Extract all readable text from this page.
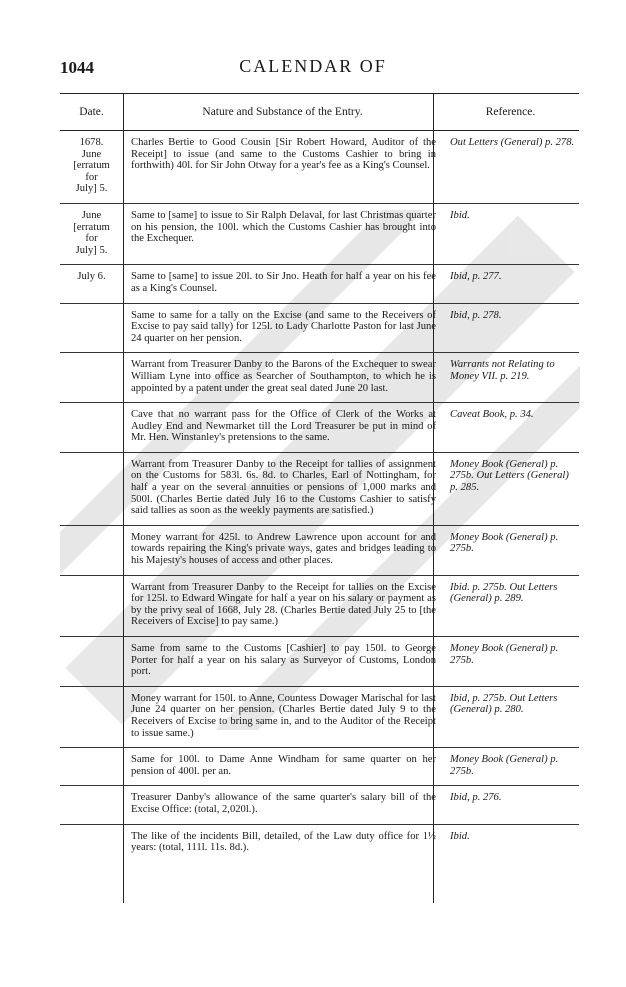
1044	CALENDAR OF
Date.	Nature and Substance of the Entry.	Reference.
1678.
June
[erratum
for
July] 5.	Charles Bertie to Good Cousin [Sir Robert Howard, Auditor of the Receipt] to issue (and same to the Customs Cashier to bring in forthwith) 40l. for Sir John Otway for a year's fee as a King's Counsel.	Out Letters (General) p. 278.
June
[erratum
for
July] 5.	Same to [same] to issue to Sir Ralph Delaval, for last Christmas quarter on his pension, the 100l. which the Customs Cashier has brought into the Exchequer.	Ibid.
July 6.	Same to [same] to issue 20l. to Sir Jno. Heath for half a year on his fee as a King's Counsel.	Ibid, p. 277.
	Same to same for a tally on the Excise (and same to the Receivers of Excise to pay said tally) for 125l. to Lady Charlotte Paston for last June 24 quarter on her pension.	Ibid, p. 278.
	Warrant from Treasurer Danby to the Barons of the Exchequer to swear William Lyne into office as Searcher of Southampton, to which he is appointed by a patent under the great seal dated June 20 last.	Warrants not Relating to Money VII. p. 219.
	Cave that no warrant pass for the Office of Clerk of the Works at Audley End and Newmarket till the Lord Treasurer be put in mind of Mr. Hen. Winstanley's pretensions to the same.	Caveat Book, p. 34.
	Warrant from Treasurer Danby to the Receipt for tallies of assignment on the Customs for 583l. 6s. 8d. to Charles, Earl of Nottingham, for half a year on the several annuities or pensions of 1,000 marks and 500l. (Charles Bertie dated July 16 to the Customs Cashier to satisfy said tallies as soon as the weekly payments are satisfied.)	Money Book (General) p. 275b. Out Letters (General) p. 285.
	Money warrant for 425l. to Andrew Lawrence upon account for and towards repairing the King's private ways, gates and bridges leading to his Majesty's houses of access and other places.	Money Book (General) p. 275b.
	Warrant from Treasurer Danby to the Receipt for tallies on the Excise for 125l. to Edward Wingate for half a year on his salary or payment as by the privy seal of 1668, July 28. (Charles Bertie dated July 25 to [the Receivers of Excise] to pay same.)	Ibid. p. 275b. Out Letters (General) p. 289.
	Same from same to the Customs [Cashier] to pay 150l. to George Porter for half a year on his salary as Surveyor of Customs, London port.	Money Book (General) p. 275b.
	Money warrant for 150l. to Anne, Countess Dowager Marischal for last June 24 quarter on her pension. (Charles Bertie dated July 9 to the Receivers of Excise to bring same in, and to the Auditor of the Receipt to issue same.)	Ibid, p. 275b. Out Letters (General) p. 280.
	Same for 100l. to Dame Anne Windham for same quarter on her pension of 400l. per an.	Money Book (General) p. 275b.
	Treasurer Danby's allowance of the same quarter's salary bill of the Excise Office: (total, 2,020l.).	Ibid, p. 276.
	The like of the incidents Bill, detailed, of the Law duty office for 1½ years: (total, 111l. 11s. 8d.).	Ibid.
